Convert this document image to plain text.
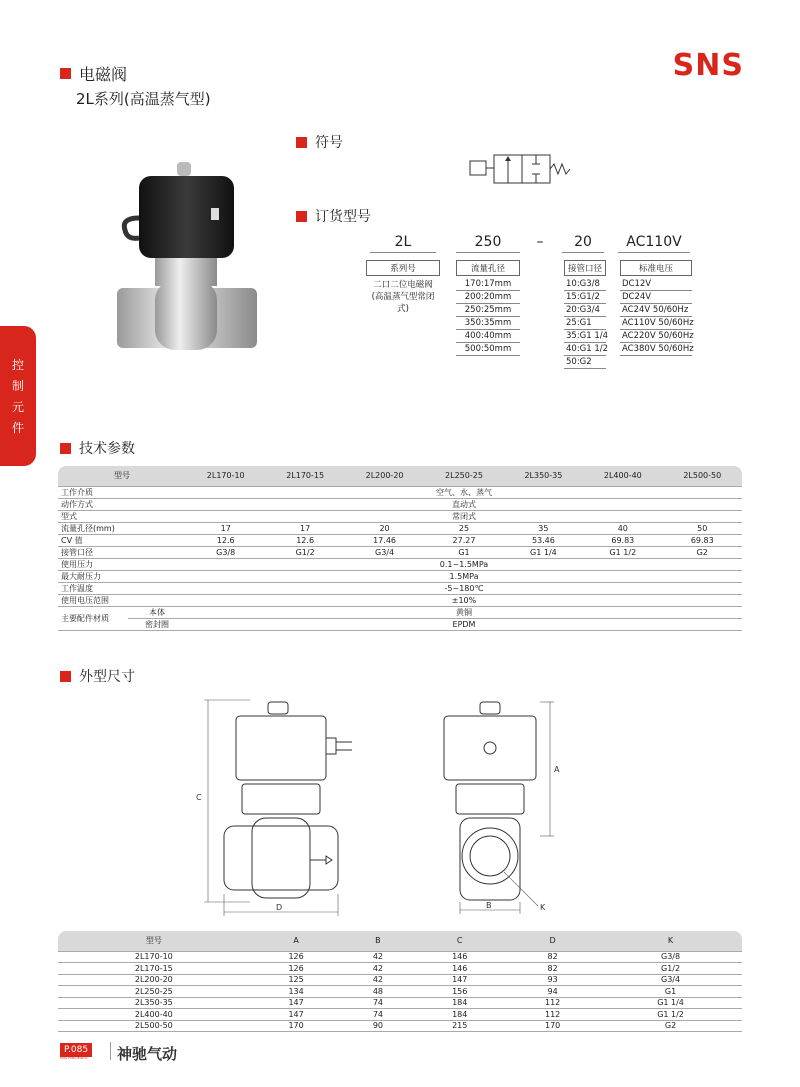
电磁阀
2L系列(高温蒸气型)
SNS
控
制
元
件
符号
订货型号
2L	250	–	20	AC110V
系列号
二口二位电磁阀
(高温蒸气型常闭式)
流量孔径
170:17mm
200:20mm
250:25mm
350:35mm
400:40mm
500:50mm
接管口径
10:G3/8
15:G1/2
20:G3/4
25:G1
35:G1 1/4
40:G1 1/2
50:G2
标准电压
DC12V
DC24V
AC24V 50/60Hz
AC110V 50/60Hz
AC220V 50/60Hz
AC380V 50/60Hz
技术参数
型号		2L170-10	2L170-15	2L200-20	2L250-25	2L350-35	2L400-40	2L500-50
工作介质		空气、水、蒸气						
动作方式		直动式						
型式		常闭式						
流量孔径(mm)		17	17	20	25	35	40	50
CV 值		12.6	12.6	17.46	27.27	53.46	69.83	69.83
接管口径		G3/8	G1/2	G3/4	G1	G1 1/4	G1 1/2	G2
使用压力		0.1~1.5MPa						
最大耐压力		1.5MPa						
工作温度		-5~180℃						
使用电压范围		±10%						
主要配件材质	本体	黄铜						
	密封圈	EPDM						
外型尺寸
C
D
A
B	K
型号	A	B	C	D	K
2L170-10	126	42	146	82	G3/8
2L170-15	126	42	146	82	G1/2
2L200-20	125	42	147	93	G3/4
2L250-25	134	48	156	94	G1
2L350-35	147	74	184	112	G1 1/4
2L400-40	147	74	184	112	G1 1/2
2L500-50	170	90	215	170	G2
P.085
SNS PNEUMATIC 神驰气动
